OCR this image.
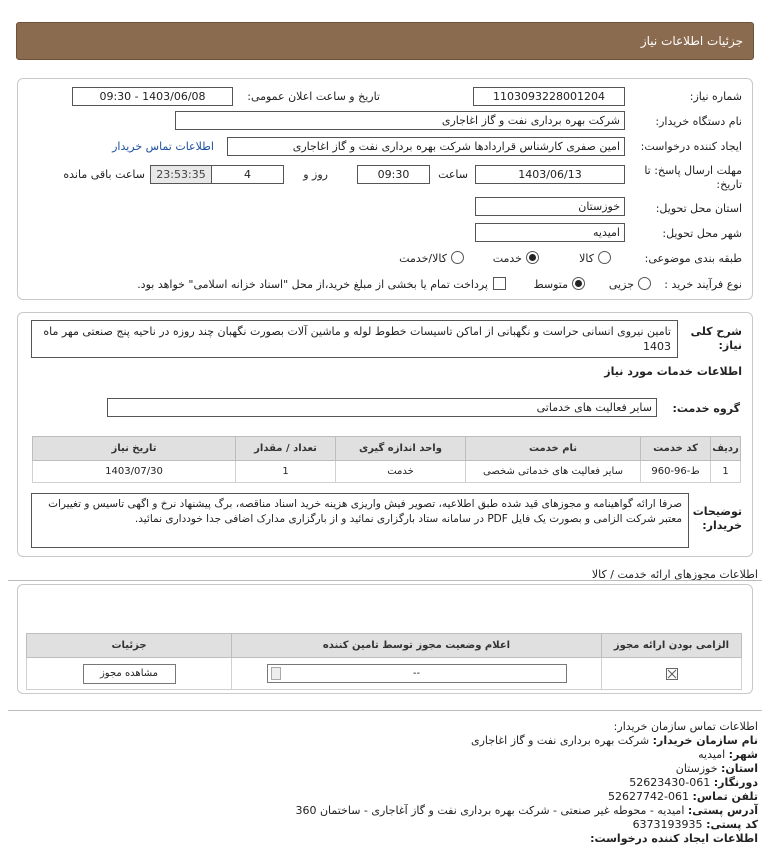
جزئیات اطلاعات نیاز
شماره نیاز:
1103093228001204
تاریخ و ساعت اعلان عمومی:
1403/06/08 - 09:30
نام دستگاه خریدار:
شرکت بهره برداری نفت و گاز اغاجاری
ایجاد کننده درخواست:
امین صفری کارشناس قراردادها شرکت بهره برداری نفت و گاز اغاجاری
اطلاعات تماس خریدار
مهلت ارسال پاسخ: تا
تاریخ:
1403/06/13
ساعت
09:30
4	روز و
23:53:35
ساعت باقی مانده
استان محل تحویل:
خوزستان
شهر محل تحویل:
امیدیه
طبقه بندی موضوعی:
کالا
خدمت
کالا/خدمت
نوع فرآیند خرید :
جزیی
متوسط
پرداخت تمام یا بخشی از مبلغ خرید،از محل "اسناد خزانه اسلامی" خواهد بود.
شرح کلی
نیاز:
تامین نیروی انسانی حراست و نگهبانی از اماکن تاسیسات خطوط لوله و ماشین آلات بصورت نگهبان چند روزه در ناحیه پنج صنعتی مهر ماه 1403
اطلاعات خدمات مورد نیاز
گروه خدمت:
سایر فعالیت های خدماتی
ردیف	کد خدمت	نام خدمت	واحد اندازه گیری	تعداد / مقدار	تاریخ نیاز
1	ط-96-960	سایر فعالیت های خدماتی شخصی	خدمت	1	1403/07/30
توضیحات
خریدار:
صرفا ارائه گواهینامه و مجوزهای قید شده طبق اطلاعیه، تصویر فیش واریزی هزینه خرید اسناد مناقصه، برگ پیشنهاد نرخ و اگهی تاسیس و تغییرات معتبر شرکت الزامی و بصورت یک فایل PDF در سامانه ستاد بارگزاری نمائید و از بارگزاری مدارک اضافی جدا خودداری نمائید.
اطلاعات مجوزهای ارائه خدمت / کالا
الزامی بودن ارائه مجوز	اعلام وضعیت مجوز توسط تامین کننده	جزئیات

	--	مشاهده مجوز
اطلاعات تماس سازمان خریدار:
نام سازمان خریدار: شرکت بهره برداری نفت و گاز اغاجاری
شهر: امیدیه
استان: خوزستان
دورنگار: 061-52623430
تلفن تماس: 061-52627742
آدرس پستی: امیدیه - محوطه غیر صنعتی - شرکت بهره برداری نفت و گاز آغاجاری - ساختمان 360
کد پستی: 6373193935
اطلاعات ایجاد کننده درخواست:
